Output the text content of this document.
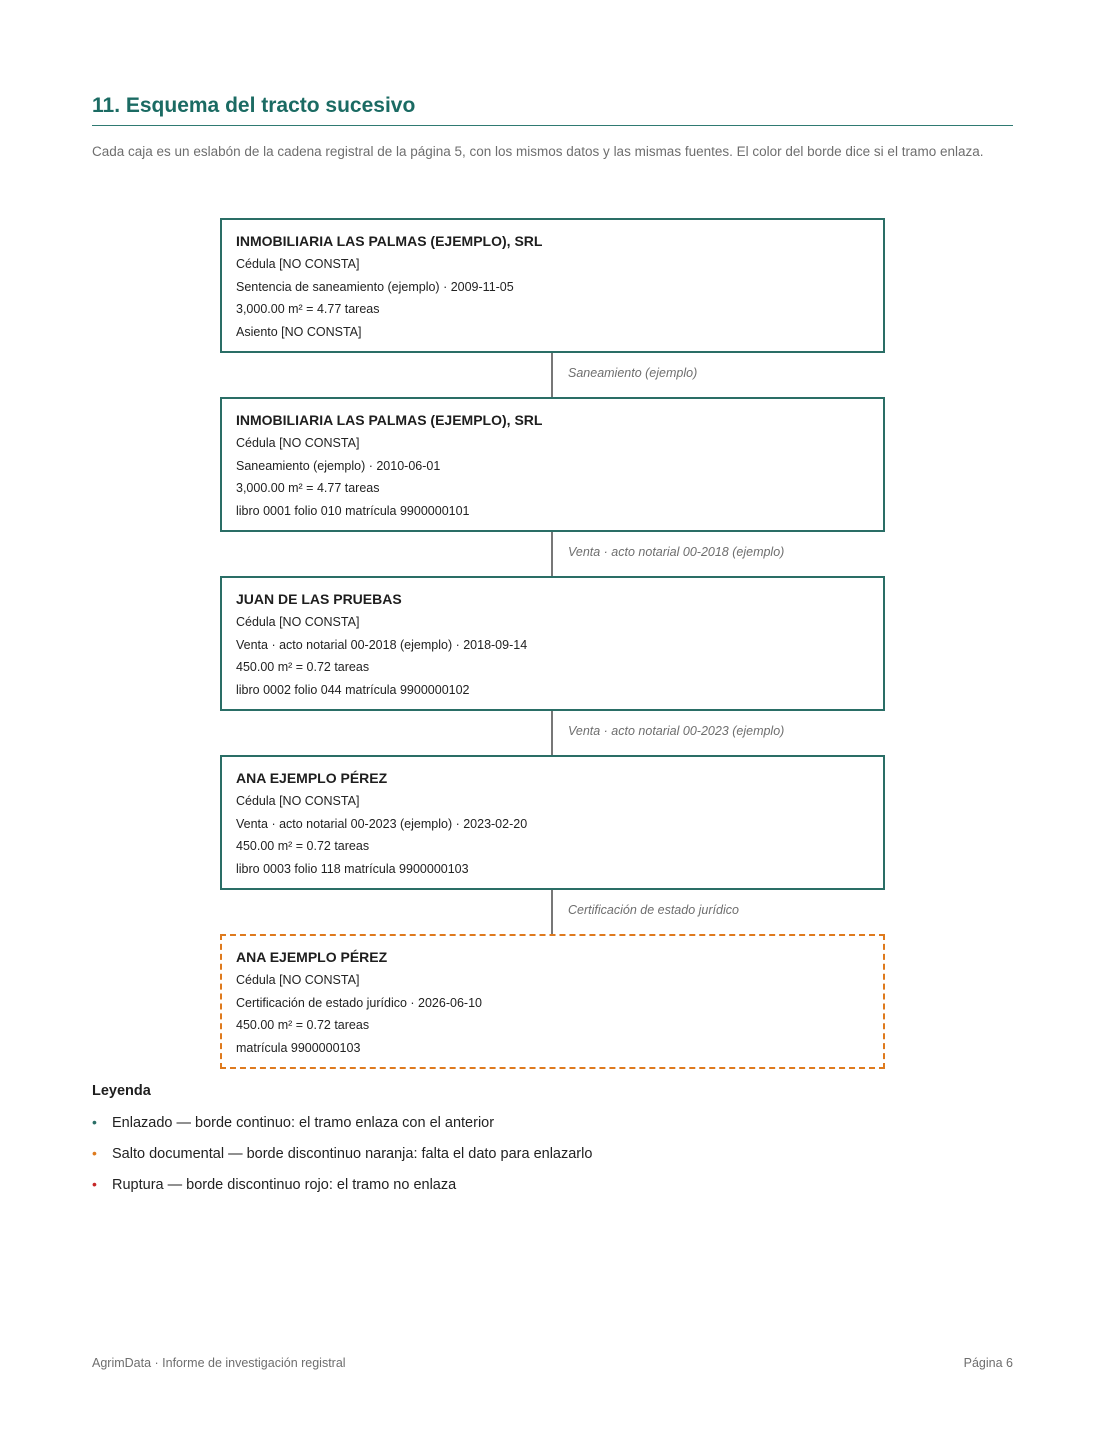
11. Esquema del tracto sucesivo

Cada caja es un eslabón de la cadena registral de la página 5, con los mismos datos y las mismas fuentes. El color del borde dice si el tramo enlaza.

INMOBILIARIA LAS PALMAS (EJEMPLO), SRL
Cédula [NO CONSTA]
Sentencia de saneamiento (ejemplo) · 2009-11-05
3,000.00 m² = 4.77 tareas
Asiento [NO CONSTA]
Saneamiento (ejemplo)
INMOBILIARIA LAS PALMAS (EJEMPLO), SRL
Cédula [NO CONSTA]
Saneamiento (ejemplo) · 2010-06-01
3,000.00 m² = 4.77 tareas
libro 0001 folio 010 matrícula 9900000101
Venta · acto notarial 00-2018 (ejemplo)
JUAN DE LAS PRUEBAS
Cédula [NO CONSTA]
Venta · acto notarial 00-2018 (ejemplo) · 2018-09-14
450.00 m² = 0.72 tareas
libro 0002 folio 044 matrícula 9900000102
Venta · acto notarial 00-2023 (ejemplo)
ANA EJEMPLO PÉREZ
Cédula [NO CONSTA]
Venta · acto notarial 00-2023 (ejemplo) · 2023-02-20
450.00 m² = 0.72 tareas
libro 0003 folio 118 matrícula 9900000103
Certificación de estado jurídico
ANA EJEMPLO PÉREZ
Cédula [NO CONSTA]
Certificación de estado jurídico · 2026-06-10
450.00 m² = 0.72 tareas
matrícula 9900000103
Leyenda
• Enlazado — borde continuo: el tramo enlaza con el anterior
• Salto documental — borde discontinuo naranja: falta el dato para enlazarlo
• Ruptura — borde discontinuo rojo: el tramo no enlaza
AgrimData · Informe de investigación registral	Página 6
